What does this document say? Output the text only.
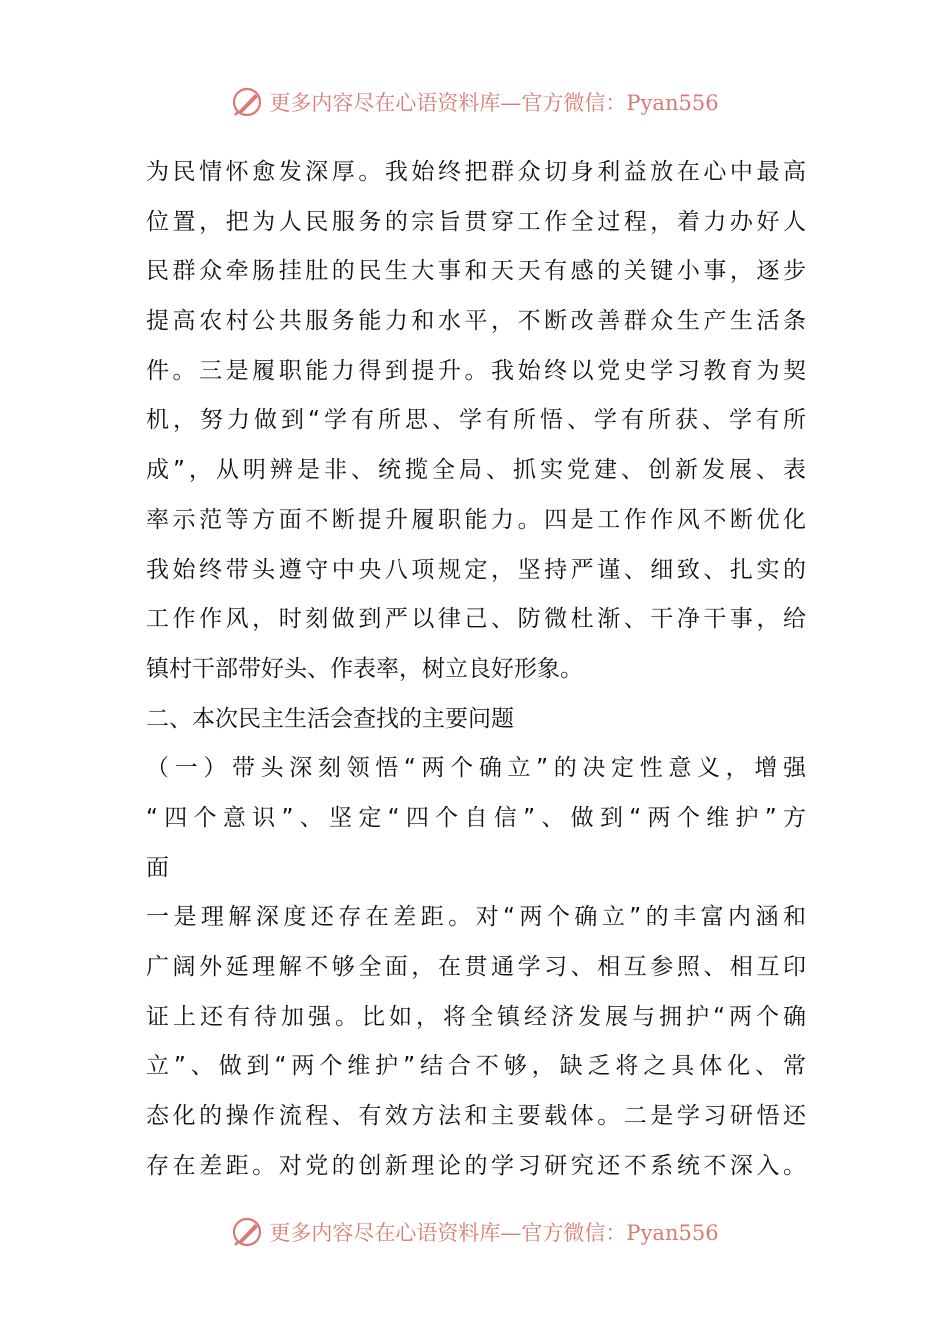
更多内容尽在心语资料库—官方微信：Pyan556
为民情怀愈发深厚。我始终把群众切身利益放在心中最高
位置，把为人民服务的宗旨贯穿工作全过程，着力办好人
民群众牵肠挂肚的民生大事和天天有感的关键小事，逐步
提高农村公共服务能力和水平，不断改善群众生产生活条
件。三是履职能力得到提升。我始终以党史学习教育为契
机，努力做到“学有所思、学有所悟、学有所获、学有所
成”，从明辨是非、统揽全局、抓实党建、创新发展、表
率示范等方面不断提升履职能力。四是工作作风不断优化
我始终带头遵守中央八项规定，坚持严谨、细致、扎实的
工作作风，时刻做到严以律己、防微杜渐、干净干事，给
镇村干部带好头、作表率，树立良好形象。
二、本次民主生活会查找的主要问题
（一）带头深刻领悟“两个确立”的决定性意义，增强
“四个意识”、坚定“四个自信”、做到“两个维护”方
面
一是理解深度还存在差距。对“两个确立”的丰富内涵和
广阔外延理解不够全面，在贯通学习、相互参照、相互印
证上还有待加强。比如，将全镇经济发展与拥护“两个确
立”、做到“两个维护”结合不够，缺乏将之具体化、常
态化的操作流程、有效方法和主要载体。二是学习研悟还
存在差距。对党的创新理论的学习研究还不系统不深入。
更多内容尽在心语资料库—官方微信：Pyan556
